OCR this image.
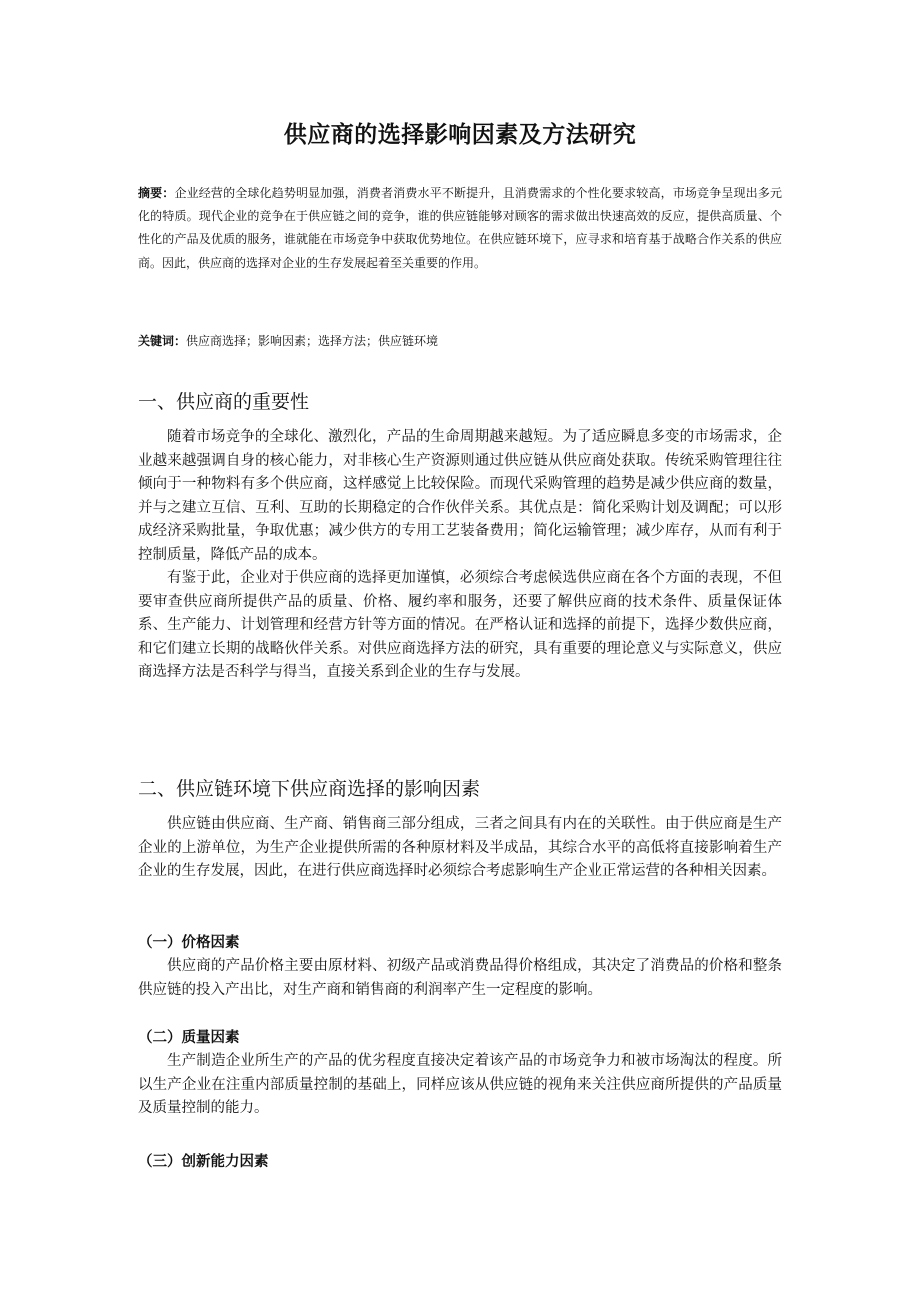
供应商的选择影响因素及方法研究

摘要：企业经营的全球化趋势明显加强，消费者消费水平不断提升，且消费需求的个性化要求较高，市场竞争呈现出多元化的特质。现代企业的竞争在于供应链之间的竞争，谁的供应链能够对顾客的需求做出快速高效的反应，提供高质量、个性化的产品及优质的服务，谁就能在市场竞争中获取优势地位。在供应链环境下，应寻求和培育基于战略合作关系的供应商。因此，供应商的选择对企业的生存发展起着至关重要的作用。

关键词：供应商选择；影响因素；选择方法；供应链环境

一、供应商的重要性

随着市场竞争的全球化、激烈化，产品的生命周期越来越短。为了适应瞬息多变的市场需求，企业越来越强调自身的核心能力，对非核心生产资源则通过供应链从供应商处获取。传统采购管理往往倾向于一种物料有多个供应商，这样感觉上比较保险。而现代采购管理的趋势是减少供应商的数量，并与之建立互信、互利、互助的长期稳定的合作伙伴关系。其优点是：简化采购计划及调配；可以形成经济采购批量，争取优惠；减少供方的专用工艺装备费用；简化运输管理；减少库存，从而有利于控制质量，降低产品的成本。

有鉴于此，企业对于供应商的选择更加谨慎，必须综合考虑候选供应商在各个方面的表现，不但要审查供应商所提供产品的质量、价格、履约率和服务，还要了解供应商的技术条件、质量保证体系、生产能力、计划管理和经营方针等方面的情况。在严格认证和选择的前提下，选择少数供应商，和它们建立长期的战略伙伴关系。对供应商选择方法的研究，具有重要的理论意义与实际意义，供应商选择方法是否科学与得当，直接关系到企业的生存与发展。

二、供应链环境下供应商选择的影响因素

供应链由供应商、生产商、销售商三部分组成，三者之间具有内在的关联性。由于供应商是生产企业的上游单位，为生产企业提供所需的各种原材料及半成品，其综合水平的高低将直接影响着生产企业的生存发展，因此，在进行供应商选择时必须综合考虑影响生产企业正常运营的各种相关因素。

（一）价格因素

供应商的产品价格主要由原材料、初级产品或消费品得价格组成，其决定了消费品的价格和整条供应链的投入产出比，对生产商和销售商的利润率产生一定程度的影响。

（二）质量因素

生产制造企业所生产的产品的优劣程度直接决定着该产品的市场竞争力和被市场淘汰的程度。所以生产企业在注重内部质量控制的基础上，同样应该从供应链的视角来关注供应商所提供的产品质量及质量控制的能力。

（三）创新能力因素
